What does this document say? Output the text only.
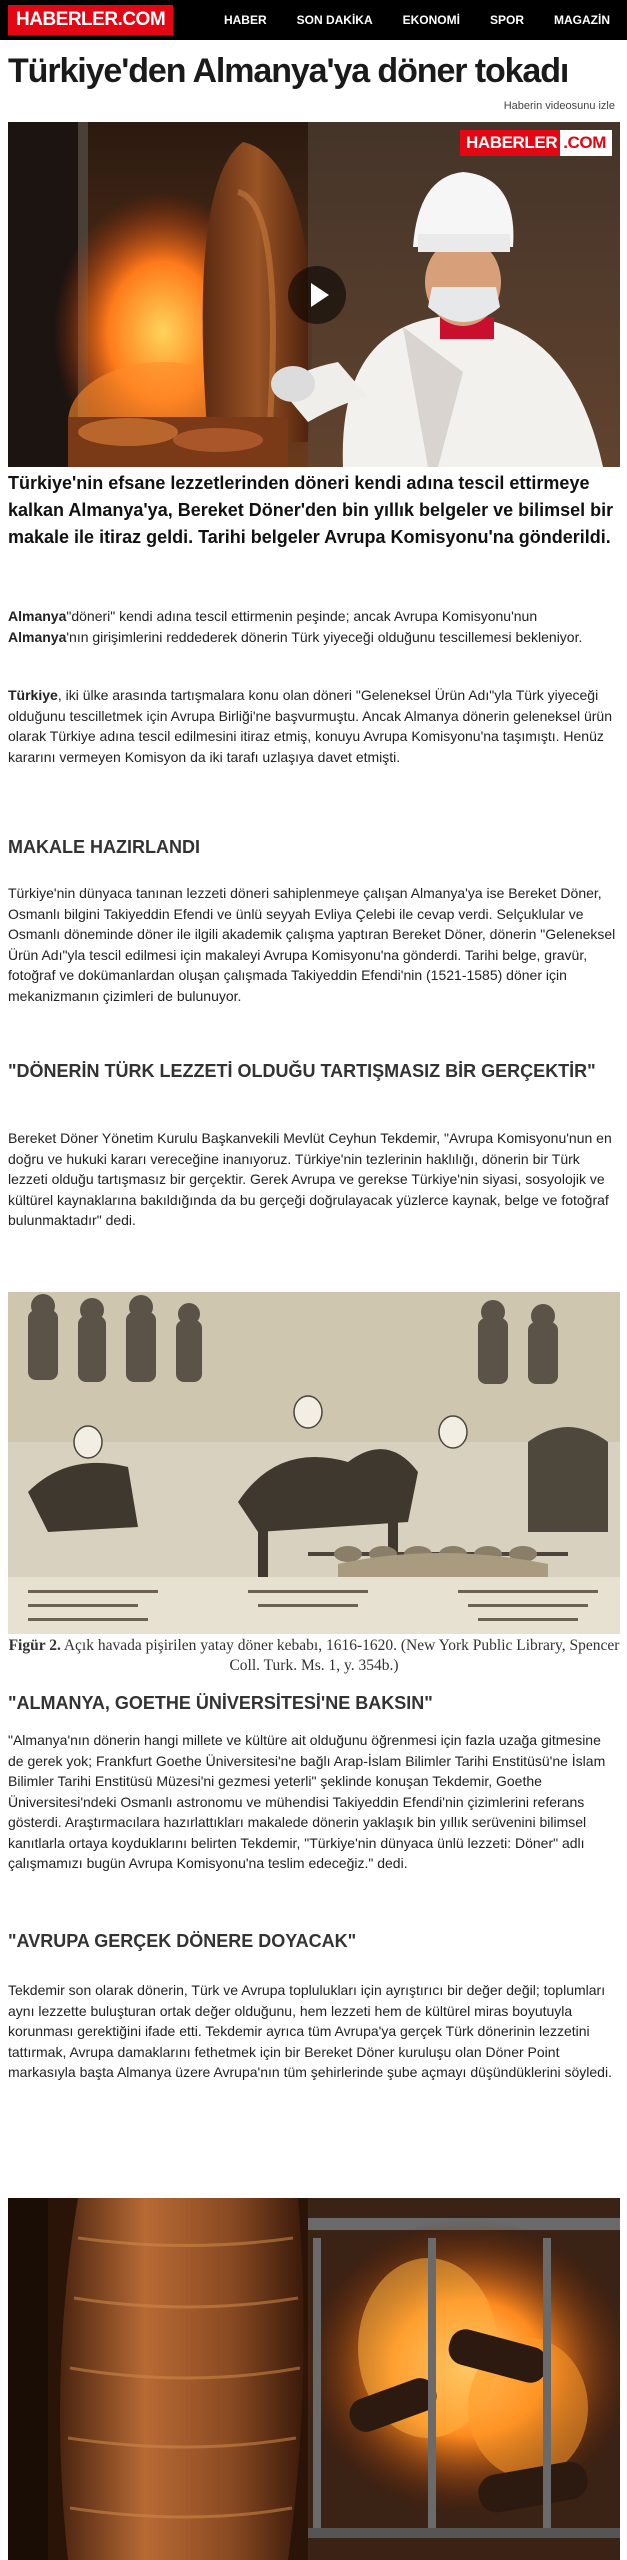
HABERLER.COM	HABER	SON DAKİKA	EKONOMİ	SPOR	MAGAZİN
Türkiye'den Almanya'ya döner tokadı
Haberin videosunu izle
HABERLER .COM

Türkiye'nin efsane lezzetlerinden döneri kendi adına tescil ettirmeye kalkan Almanya'ya, Bereket Döner'den bin yıllık belgeler ve bilimsel bir makale ile itiraz geldi. Tarihi belgeler Avrupa Komisyonu'na gönderildi.

Almanya"döneri" kendi adına tescil ettirmenin peşinde; ancak Avrupa Komisyonu'nun Almanya'nın girişimlerini reddederek dönerin Türk yiyeceği olduğunu tescillemesi bekleniyor.

Türkiye, iki ülke arasında tartışmalara konu olan döneri "Geleneksel Ürün Adı"yla Türk yiyeceği olduğunu tescilletmek için Avrupa Birliği'ne başvurmuştu. Ancak Almanya dönerin geleneksel ürün olarak Türkiye adına tescil edilmesini itiraz etmiş, konuyu Avrupa Komisyonu'na taşımıştı. Henüz kararını vermeyen Komisyon da iki tarafı uzlaşıya davet etmişti.

MAKALE HAZIRLANDI

Türkiye'nin dünyaca tanınan lezzeti döneri sahiplenmeye çalışan Almanya'ya ise Bereket Döner, Osmanlı bilgini Takiyeddin Efendi ve ünlü seyyah Evliya Çelebi ile cevap verdi. Selçuklular ve Osmanlı döneminde döner ile ilgili akademik çalışma yaptıran Bereket Döner, dönerin "Geleneksel Ürün Adı"yla tescil edilmesi için makaleyi Avrupa Komisyonu'na gönderdi. Tarihi belge, gravür, fotoğraf ve dokümanlardan oluşan çalışmada Takiyeddin Efendi'nin (1521-1585) döner için mekanizmanın çizimleri de bulunuyor.

"DÖNERİN TÜRK LEZZETİ OLDUĞU TARTIŞMASIZ BİR GERÇEKTİR"

Bereket Döner Yönetim Kurulu Başkanvekili Mevlüt Ceyhun Tekdemir, "Avrupa Komisyonu'nun en doğru ve hukuki kararı vereceğine inanıyoruz. Türkiye'nin tezlerinin haklılığı, dönerin bir Türk lezzeti olduğu tartışmasız bir gerçektir. Gerek Avrupa ve gerekse Türkiye'nin siyasi, sosyolojik ve kültürel kaynaklarına bakıldığında da bu gerçeği doğrulayacak yüzlerce kaynak, belge ve fotoğraf bulunmaktadır" dedi.

Figür 2. Açık havada pişirilen yatay döner kebabı, 1616-1620. (New York Public Library, Spencer Coll. Turk. Ms. 1, y. 354b.)

"ALMANYA, GOETHE ÜNİVERSİTESİ'NE BAKSIN"

"Almanya'nın dönerin hangi millete ve kültüre ait olduğunu öğrenmesi için fazla uzağa gitmesine de gerek yok; Frankfurt Goethe Üniversitesi'ne bağlı Arap-İslam Bilimler Tarihi Enstitüsü'ne İslam Bilimler Tarihi Enstitüsü Müzesi'ni gezmesi yeterli" şeklinde konuşan Tekdemir, Goethe Üniversitesi'ndeki Osmanlı astronomu ve mühendisi Takiyeddin Efendi'nin çizimlerini referans gösterdi. Araştırmacılara hazırlattıkları makalede dönerin yaklaşık bin yıllık serüvenini bilimsel kanıtlarla ortaya koyduklarını belirten Tekdemir, "Türkiye'nin dünyaca ünlü lezzeti: Döner" adlı çalışmamızı bugün Avrupa Komisyonu'na teslim edeceğiz." dedi.

"AVRUPA GERÇEK DÖNERE DOYACAK"

Tekdemir son olarak dönerin, Türk ve Avrupa toplulukları için ayrıştırıcı bir değer değil; toplumları aynı lezzette buluşturan ortak değer olduğunu, hem lezzeti hem de kültürel miras boyutuyla korunması gerektiğini ifade etti. Tekdemir ayrıca tüm Avrupa'ya gerçek Türk dönerinin lezzetini tattırmak, Avrupa damaklarını fethetmek için bir Bereket Döner kuruluşu olan Döner Point markasıyla başta Almanya üzere Avrupa'nın tüm şehirlerinde şube açmayı düşündüklerini söyledi.
